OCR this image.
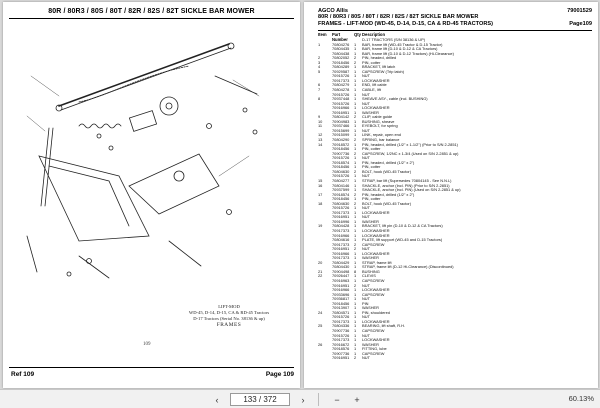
80R / 80R3 / 80S / 80T / 82R / 82S / 82T SICKLE BAR MOWER
LIFT-MOD
WD-45, D-14, D-15, CA & RD-45 Tractors
D-17 Tractors (Serial No. 38136 & up)
FRAMES
109
Ref 109	Page 109
AGCO Allis	79001529
80R / 80R3 / 80S / 80T / 82R / 82S / 82T SICKLE BAR MOWER
FRAMES - LIFT-MOD (WD-45, D-14, D-15, CA & RD-45 TRACTORS)	Page109
Item	Part Number
Qty Description
D-17 TRACTORS (S/N 38136 & UP)
1	70804276	1	BAR, frame lift (WD-45 Tractor & D-15 Tractor)
70804435	1	BAR, frame lift (D-10 & D-12 & CA Tractors)
70804438	1	BAR, frame lift (D-10 & D-12 Tractors) (Hi-Clearance)
2	70802052	2	PIN, headed, drilled
3	70918456	2	PIN, cotter
4	70804289	1	BRACKET, lift latch
5	70929587	1	CAPSCREW (Trip latch)
70915726	1	NUT
70917373	1	LOCKWASHER
6	70804279	1	END, lift cable
7	70804278	1	CABLE, lift
70915726	1	NUT
8	70937448	1	SHEAVE ASY., cable (incl. BUSHING)
70915726	1	NUT
70916966	1	LOCKWASHER
70916951	1	WASHER
9	70804142	2	CLIP, cable guide
10	70904983	1	BUSHING, sheave
11	70937466	1	EYEBOLT, for spring
70915699	1	NUT
12	70915099	1	LINK, repair, open end
13	70804290	2	SPRING, bar balance
14	70918572	1	PIN, headed, drilled (1/2" x 1-1/2") (Prior to S/N 2-2851)
70918456	1	PIN, cotter
70907736	2	CAPSCREW, 1/2NC x 1-3/4 (Used on S/N 2-2851 & up)
70915726	1	NUT
70918574	1	PIN, headed, drilled (1/2" x 2")
70918456	1	PIN, cotter
70804630	2	BOLT, hook (WD-45 Tractor)
70915726	1	NUT
15	70804277	1	STRAP, bar lift (Supersedes 70804145 - See N.N.L)
16	70804146	1	SHACKLE, anchor (Incl. PIN) (Prior to S/N 2-2851)
70937599	1	SHACKLE, anchor (Incl. PIN) (Used on S/N 2-2851 & up)
17	70918574	2	PIN, headed, drilled (1/2" x 2")
70918456	1	PIN, cotter
18	70804630	2	BOLT, hook (WD-45 Tractor)
70915726	1	NUT
70917373	1	LOCKWASHER
70916951	1	NUT
70916996	1	WASHER
19	70804428	1	BRACKET, lift pin (D-10 & D-12 & CA Tractors)
70917373	1	LOCKWASHER
70916966	1	LOCKWASHER
70804616	1	PLATE, lift support (WD-45 and D-15 Tractors)
70917373	2	CAPSCREW
70916951	2	NUT
70916966	1	LOCKWASHER
70917373	1	WASHER
20	70804429	1	STRAP, frame lift
70804430	1	STRAP, frame lift (D-12 Hi-Clearance) (Discontinued)
21	70904498	8	BUSHING
22	70926447	1	CLEVIS
70916963	1	CAPSCREW
70916951	2	NUT
70916966	1	LOCKWASHER
70933696	1	CAPSCREW
70936817	1	NUT
70918456	1	PIN
70913907	1	WASHER
24	70804571	1	PIN, shouldered
70915726	1	NUT
70917373	1	LOCKWASHER
25	70804336	1	BEARING, lift shaft, R.H.
70907736	1	CAPSCREW
70915726	1	NUT
70917373	1	LOCKWASHER
26	70916672	1	WASHER
70918576	1	FITTING, lube
70907736	1	CAPSCREW
70916951	2	NUT
‹	133 / 372	›	− +	60.13%
